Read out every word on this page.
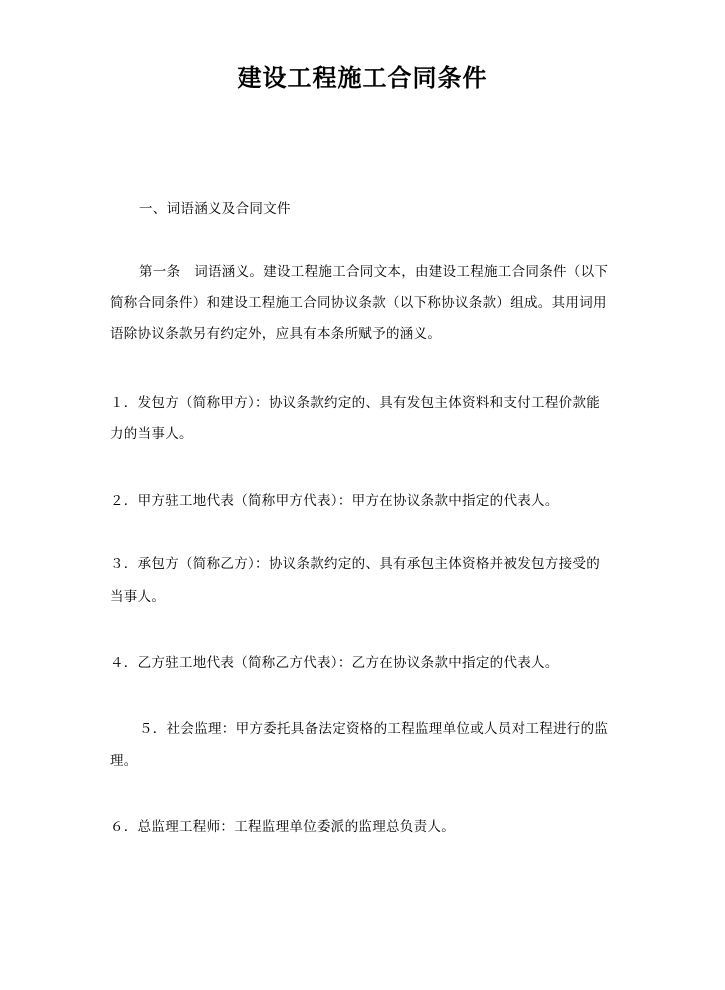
建设工程施工合同条件
一、词语涵义及合同文件
第一条　词语涵义。建设工程施工合同文本，由建设工程施工合同条件（以下
简称合同条件）和建设工程施工合同协议条款（以下称协议条款）组成。其用词用
语除协议条款另有约定外，应具有本条所赋予的涵义。
１．发包方（简称甲方）：协议条款约定的、具有发包主体资料和支付工程价款能
力的当事人。
２．甲方驻工地代表（简称甲方代表）：甲方在协议条款中指定的代表人。
３．承包方（简称乙方）：协议条款约定的、具有承包主体资格并被发包方接受的
当事人。
４．乙方驻工地代表（简称乙方代表）：乙方在协议条款中指定的代表人。
５．社会监理：甲方委托具备法定资格的工程监理单位或人员对工程进行的监
理。
６．总监理工程师：工程监理单位委派的监理总负责人。
